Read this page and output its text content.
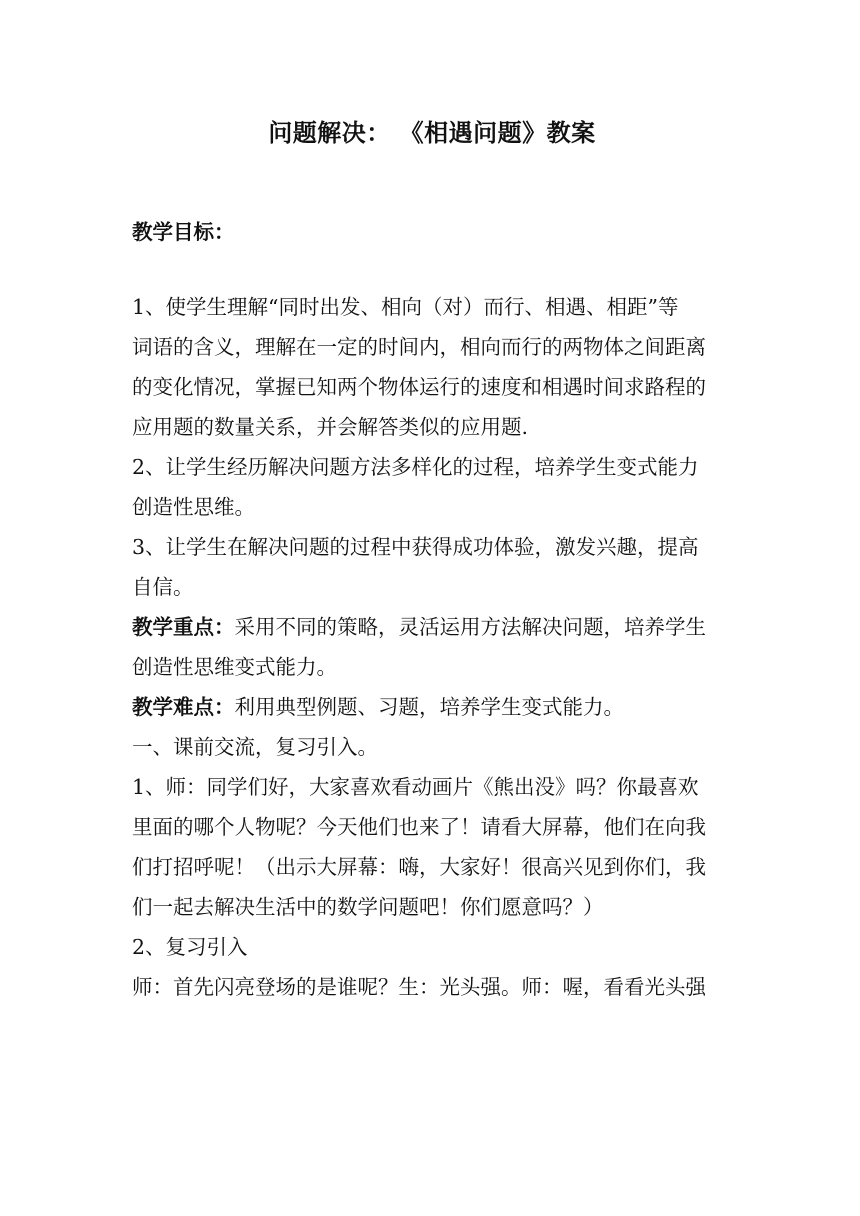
问题解决： 《相遇问题》教案
教学目标：
1、使学生理解“同时出发、相向（对）而行、相遇、相距”等
词语的含义，理解在一定的时间内，相向而行的两物体之间距离
的变化情况，掌握已知两个物体运行的速度和相遇时间求路程的
应用题的数量关系，并会解答类似的应用题.
2、让学生经历解决问题方法多样化的过程，培养学生变式能力
创造性思维。
3、让学生在解决问题的过程中获得成功体验，激发兴趣，提高
自信。
教学重点：采用不同的策略，灵活运用方法解决问题，培养学生
创造性思维变式能力。
教学难点：利用典型例题、习题，培养学生变式能力。
一、课前交流，复习引入。
1、师：同学们好，大家喜欢看动画片《熊出没》吗？你最喜欢
里面的哪个人物呢？今天他们也来了！请看大屏幕，他们在向我
们打招呼呢！（出示大屏幕：嗨，大家好！很高兴见到你们，我
们一起去解决生活中的数学问题吧！你们愿意吗？）
2、复习引入
师：首先闪亮登场的是谁呢？生：光头强。师：喔，看看光头强
